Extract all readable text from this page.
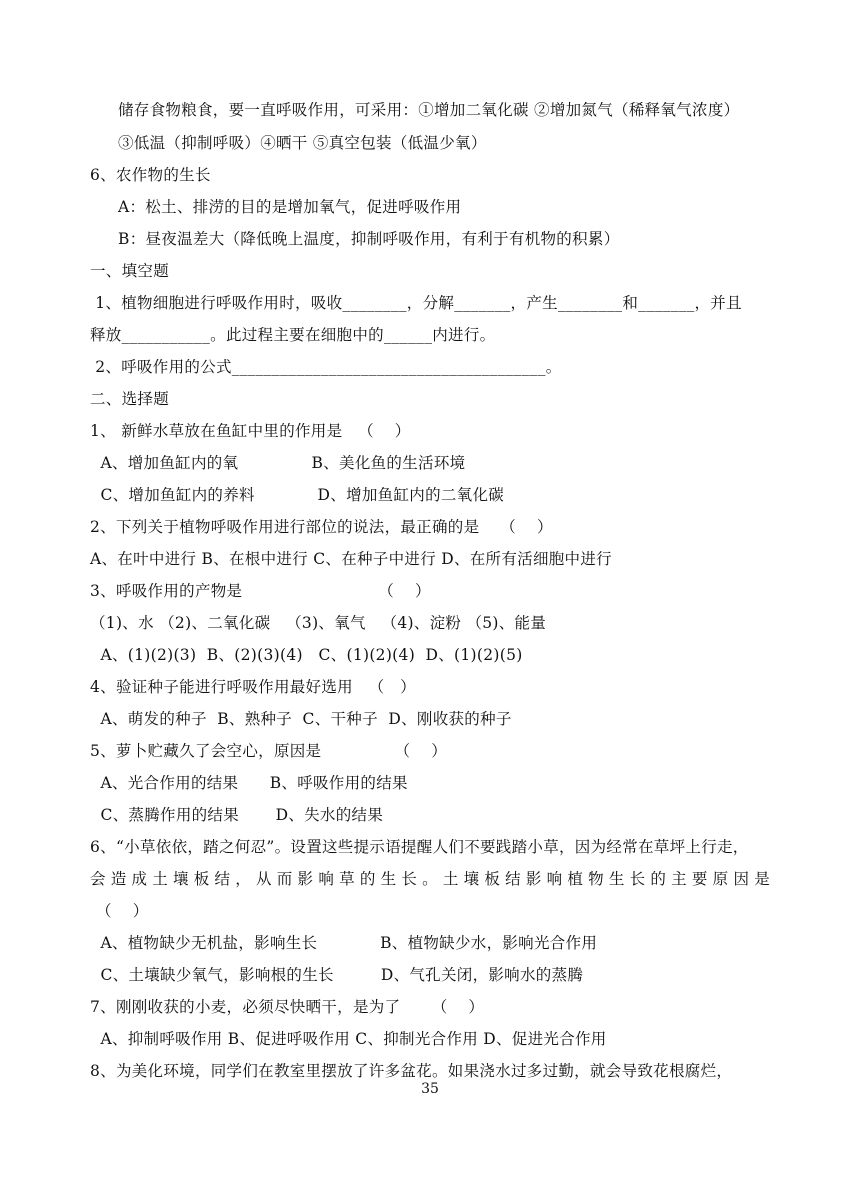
储存食物粮食，要一直呼吸作用，可采用：①增加二氧化碳 ②增加氮气（稀释氧气浓度）
③低温（抑制呼吸）④晒干 ⑤真空包装（低温少氧）
6、农作物的生长
A：松土、排涝的目的是增加氧气，促进呼吸作用
B：昼夜温差大（降低晚上温度，抑制呼吸作用，有利于有机物的积累）
一、填空题
1、植物细胞进行呼吸作用时，吸收________，分解_______，产生________和_______，并且
释放___________。此过程主要在细胞中的______内进行。
2、呼吸作用的公式_______________________________________。
二、选择题
1、 新鲜水草放在鱼缸中里的作用是   （    ）
A、增加鱼缸内的氧              B、美化鱼的生活环境
C、增加鱼缸内的养料            D、增加鱼缸内的二氧化碳
2、下列关于植物呼吸作用进行部位的说法，最正确的是    （    ）
A、在叶中进行 B、在根中进行 C、在种子中进行 D、在所有活细胞中进行
3、呼吸作用的产物是                          （    ）
（1)、水 （2)、二氧化碳   （3)、氧气   （4)、淀粉 （5)、能量
A、(1)(2)(3)  B、(2)(3)(4)   C、(1)(2)(4)  D、(1)(2)(5)
4、验证种子能进行呼吸作用最好选用   （   ）
A、萌发的种子  B、熟种子  C、干种子  D、刚收获的种子
5、萝卜贮藏久了会空心，原因是              （    ）
A、光合作用的结果      B、呼吸作用的结果
C、蒸腾作用的结果       D、失水的结果
6、“小草依依，踏之何忍”。设置这些提示语提醒人们不要践踏小草，因为经常在草坪上行走，
会造成土壤板结，从而影响草的生长。土壤板结影响植物生长的主要原因是
（    ）
A、植物缺少无机盐，影响生长            B、植物缺少水，影响光合作用
C、土壤缺少氧气，影响根的生长         D、气孔关闭，影响水的蒸腾
7、刚刚收获的小麦，必须尽快晒干，是为了      （    ）
A、抑制呼吸作用 B、促进呼吸作用 C、抑制光合作用 D、促进光合作用
8、为美化环境，同学们在教室里摆放了许多盆花。如果浇水过多过勤，就会导致花根腐烂，
35
